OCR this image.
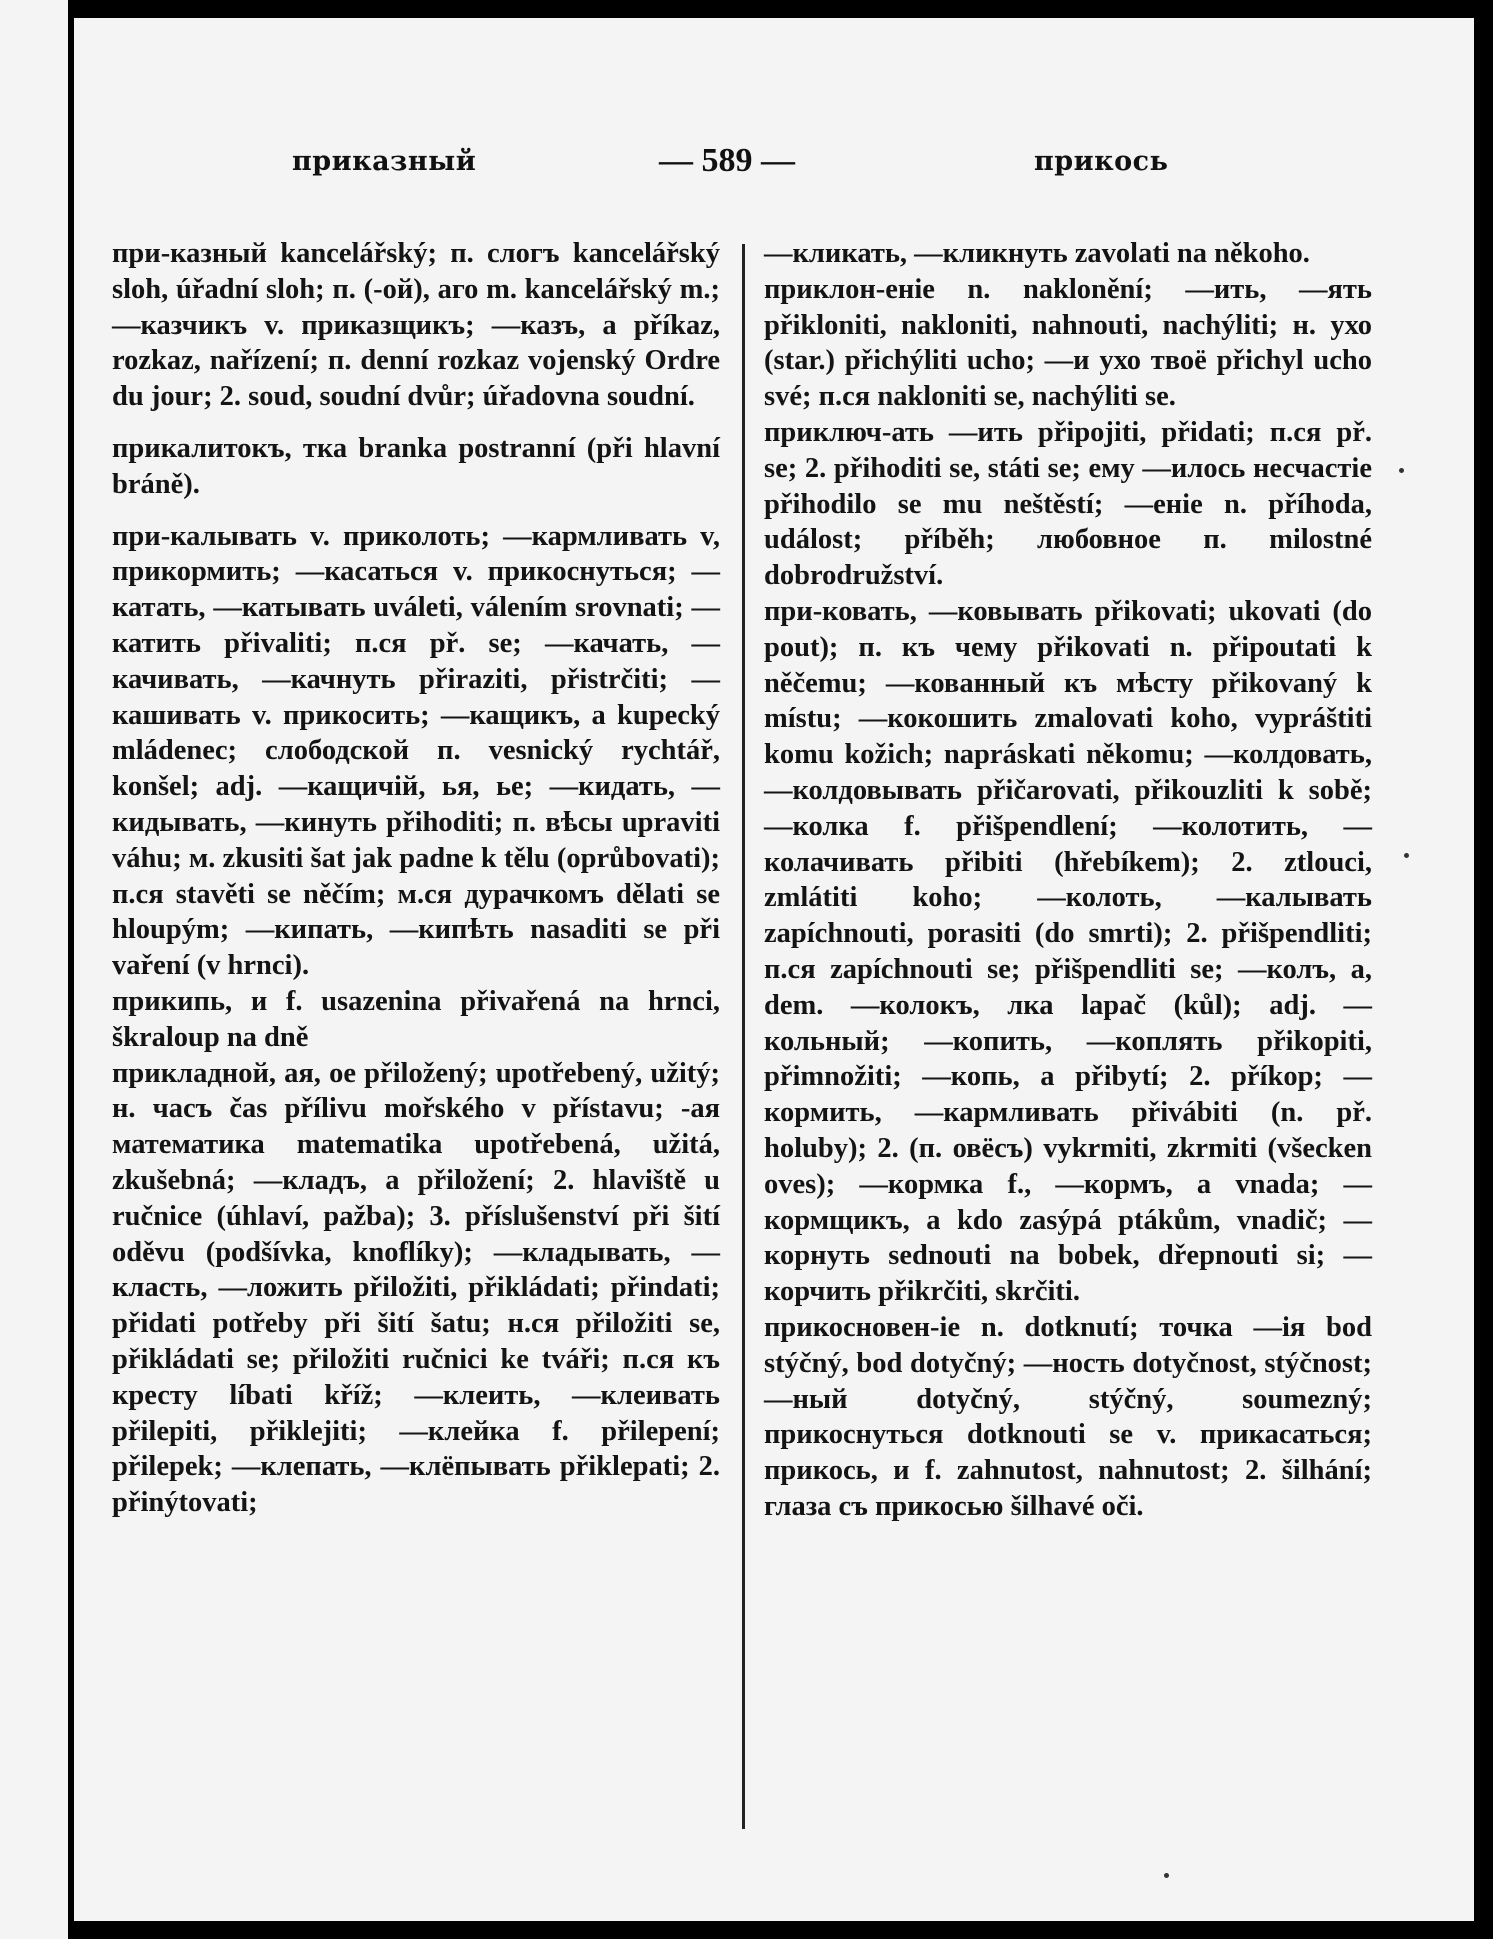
приказный	— 589 —	прикось

при-казный kancelářský; п. слогъ kancelářský sloh, úřadní sloh; п. (-ой), аго m. kancelářský m.; —казчикъ v. приказщикъ; —казъ, a příkaz, rozkaz, nařízení; п. denní rozkaz vojenský Ordre du jour; 2. soud, soudní dvůr; úřadovna soudní.

прикалитокъ, тка branka postranní (při hlavní bráně).

при-калывать v. приколоть; —кармливать v, прикормить; —касаться v. прикоснуться; —катать, —катывать uváleti, válením srovnati; —катить přivaliti; п.ся př. se; —качать, —качивать, —качнуть přiraziti, přistrčiti; —кашивать v. прикосить; —кащикъ, a kupecký mládenec; слободской п. vesnický rychtář, konšel; adj. —кащичій, ья, ье; —кидать, —кидывать, —кинуть přihoditi; п. вѣсы upraviti váhu; м. zkusiti šat jak padne k tělu (oprůbovati); п.ся stavěti se něčím; м.ся дурачкомъ dělati se hloupým; —кипать, —кипѣть nasaditi se při vaření (v hrnci).

прикипь, и f. usazenina přivařená na hrnci, škraloup na dně

прикладной, ая, ое přiložený; upotřebený, užitý; н. часъ čas přílivu mořského v přístavu; -ая математика matematika upotřebená, užitá, zkušebná; —кладъ, a přiložení; 2. hlaviště u ručnice (úhlaví, pažba); 3. příslušenství při šití oděvu (podšívka, knoflíky); —кладывать, —класть, —ложить přiložiti, přikládati; přindati; přidati potřeby při šití šatu; н.ся přiložiti se, přikládati se; přiložiti ručnici ke tváři; п.ся къ кресту líbati kříž; —клеить, —клеивать přilepiti, přiklejiti; —клейка f. přilepení; přilepek; —клепать, —клёпывать přiklepati; 2. přinýtovati;

—кликать, —кликнуть zavolati na někoho.

приклон-еніе n. naklonění; —ить, —ять přikloniti, nakloniti, nahnouti, nachýliti; н. ухо (star.) přichýliti ucho; —и ухо твоё přichyl ucho své; п.ся nakloniti se, nachýliti se.

приключ-ать —ить připojiti, přidati; п.ся př. se; 2. přihoditi se, státi se; ему —илось несчастіе přihodilo se mu neštěstí; —еніе n. příhoda, událost; příběh; любовное п. milostné dobrodružství.

при-ковать, —ковывать přikovati; ukovati (do pout); п. къ чему přikovati n. připoutati k něčemu; —кованный къ мѣсту přikovaný k místu; —кокошить zmalovati koho, vypráštiti komu kožich; napráskati někomu; —колдовать, —колдовывать přičarovati, přikouzliti k sobě; —колка f. přišpendlení; —колотить, —колачивать přibiti (hřebíkem); 2. ztlouci, zmlátiti koho; —колоть, —калывать zapíchnouti, porasiti (do smrti); 2. přišpendliti; п.ся zapíchnouti se; přišpendliti se; —колъ, a, dem. —колокъ, лка lapač (kůl); adj. —кольный; —копить, —коплять přikopiti, přimnožiti; —копь, a přibytí; 2. příkop; —кормить, —кармливать přivábiti (n. př. holuby); 2. (п. овёсъ) vykrmiti, zkrmiti (všecken oves); —кормка f., —кормъ, a vnada; —кормщикъ, a kdo zasýpá ptákům, vnadič; —корнуть sednouti na bobek, dřepnouti si; —корчить přikrčiti, skrčiti.

прикосновен-іе n. dotknutí; точка —ія bod stýčný, bod dotyčný; —ность dotyčnost, stýčnost; —ный dotyčný, stýčný, soumezný; прикоснуться dotknouti se v. прикасаться; прикось, и f. zahnutost, nahnutost; 2. šilhání; глаза съ прикосью šilhavé oči.
